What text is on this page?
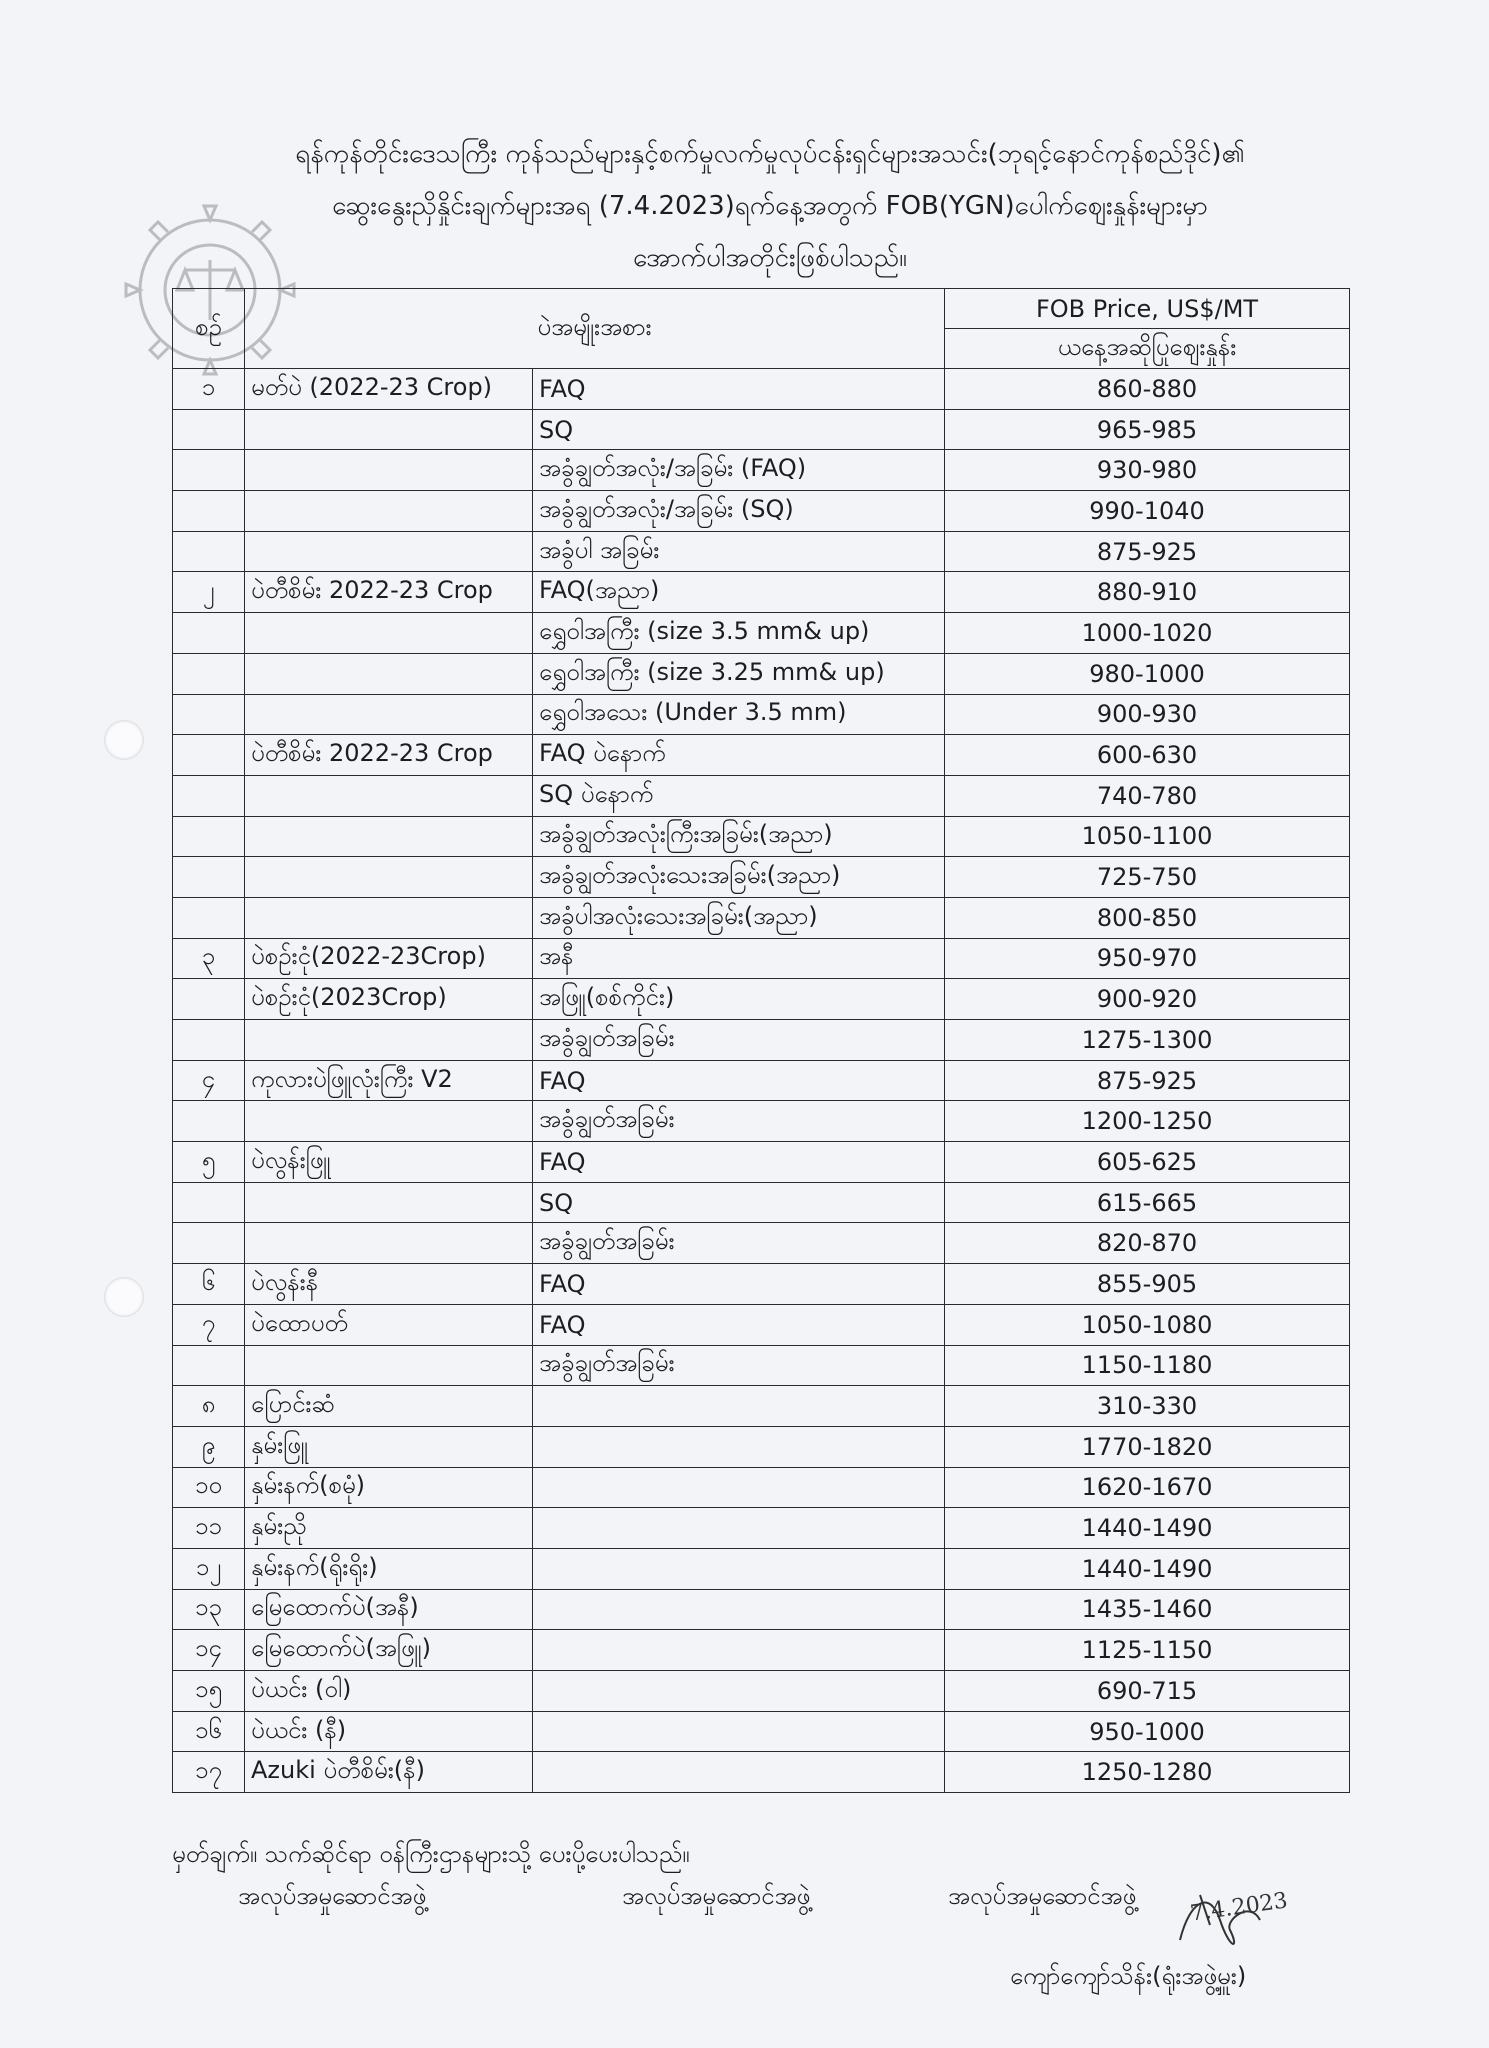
ရန်ကုန်တိုင်းဒေသကြီး ကုန်သည်များနှင့်စက်မှုလက်မှုလုပ်ငန်းရှင်များအသင်း(ဘုရင့်နောင်ကုန်စည်ဒိုင်)၏
ဆွေးနွေးညှိနှိုင်းချက်များအရ (7.4.2023)ရက်နေ့အတွက် FOB(YGN)ပေါက်ဈေးနှုန်းများမှာ
အောက်ပါအတိုင်းဖြစ်ပါသည်။
စဉ်	ပဲအမျိုးအစား		FOB Price, US$/MT
			ယနေ့အဆိုပြုဈေးနှုန်း
၁	မတ်ပဲ (2022-23 Crop)	FAQ	860-880
		SQ	965-985
		အခွံချွတ်အလုံး/အခြမ်း (FAQ)	930-980
		အခွံချွတ်အလုံး/အခြမ်း (SQ)	990-1040
		အခွံပါ အခြမ်း	875-925
၂	ပဲတီစိမ်း 2022-23 Crop	FAQ(အညာ)	880-910
		ရွှေဝါအကြီး (size 3.5 mm& up)	1000-1020
		ရွှေဝါအကြီး (size 3.25 mm& up)	980-1000
		ရွှေဝါအသေး (Under 3.5 mm)	900-930
	ပဲတီစိမ်း 2022-23 Crop	FAQ ပဲနောက်	600-630
		SQ ပဲနောက်	740-780
		အခွံချွတ်အလုံးကြီးအခြမ်း(အညာ)	1050-1100
		အခွံချွတ်အလုံးသေးအခြမ်း(အညာ)	725-750
		အခွံပါအလုံးသေးအခြမ်း(အညာ)	800-850
၃	ပဲစဉ်းငုံ(2022-23Crop)	အနီ	950-970
	ပဲစဉ်းငုံ(2023Crop)	အဖြူ(စစ်ကိုင်း)	900-920
		အခွံချွတ်အခြမ်း	1275-1300
၄	ကုလားပဲဖြူလုံးကြီး V2	FAQ	875-925
		အခွံချွတ်အခြမ်း	1200-1250
၅	ပဲလွန်းဖြူ	FAQ	605-625
		SQ	615-665
		အခွံချွတ်အခြမ်း	820-870
၆	ပဲလွန်းနီ	FAQ	855-905
၇	ပဲထောပတ်	FAQ	1050-1080
		အခွံချွတ်အခြမ်း	1150-1180
၈	ပြောင်းဆံ		310-330
၉	နှမ်းဖြူ		1770-1820
၁၀	နှမ်းနက်(စမုံ)		1620-1670
၁၁	နှမ်းညို		1440-1490
၁၂	နှမ်းနက်(ရိုးရိုး)		1440-1490
၁၃	မြေထောက်ပဲ(အနီ)		1435-1460
၁၄	မြေထောက်ပဲ(အဖြူ)		1125-1150
၁၅	ပဲယင်း (ဝါ)		690-715
၁၆	ပဲယင်း (နီ)		950-1000
၁၇	Azuki ပဲတီစိမ်း(နီ)		1250-1280
မှတ်ချက်။ သက်ဆိုင်ရာ ဝန်ကြီးဌာနများသို့ ပေးပို့ပေးပါသည်။
အလုပ်အမှုဆောင်အဖွဲ့	အလုပ်အမှုဆောင်အဖွဲ့	အလုပ်အမှုဆောင်အဖွဲ့ 7.4.2023
ကျော်ကျော်သိန်း(ရုံးအဖွဲ့မှူး)
